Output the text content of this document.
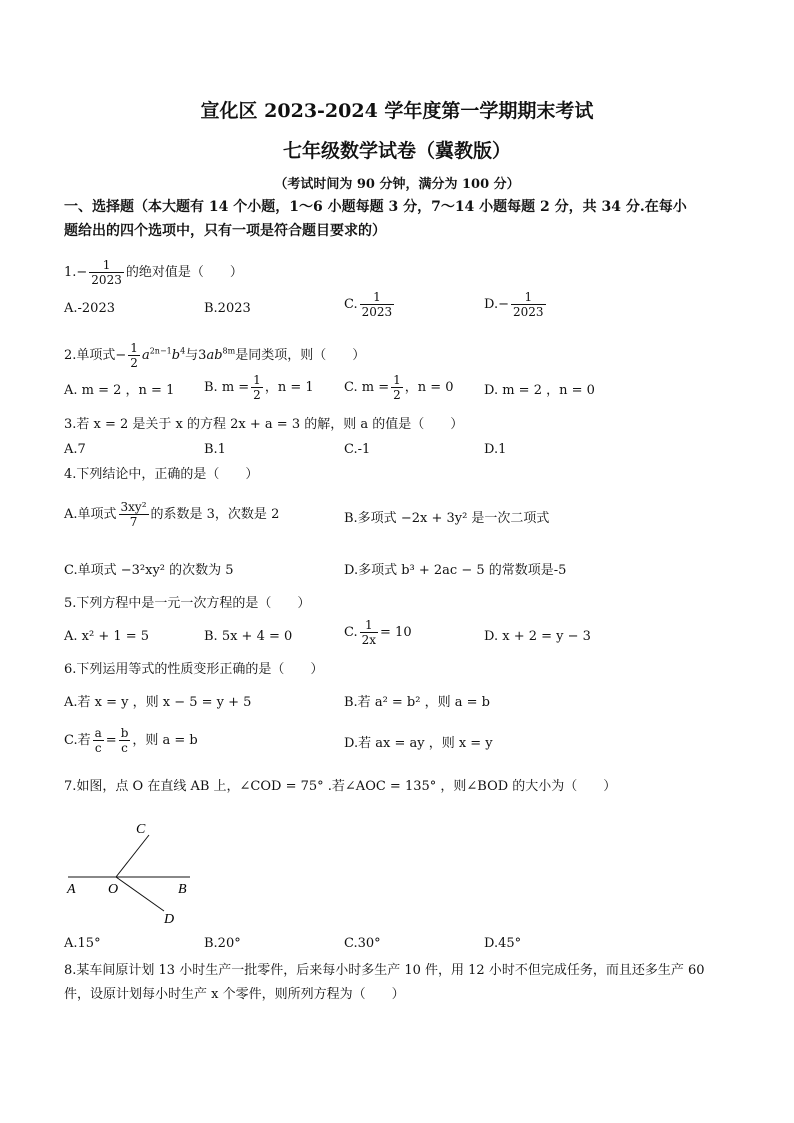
宣化区 2023-2024 学年度第一学期期末考试
七年级数学试卷（冀教版）
（考试时间为 90 分钟，满分为 100 分）
一、选择题（本大题有 14 个小题，1～6 小题每题 3 分，7～14 小题每题 2 分，共 34 分.在每小
题给出的四个选项中，只有一项是符合题目要求的）
$1.- \frac{1}{2023}$ 的绝对值是（　　）
A.-2023	B.2023	C. $\frac{1}{2023}$	$D.- \frac{1}{2023}$
2.单项式− $\frac{1}{2} a^{2n-1}b^4$与$3ab^{8m}$是同类项，则（　　）
A. m = 2 ，n = 1 B. $m = \frac{1}{2}$ ，n = 1 C. $m = \frac{1}{2}$ ，n = 0 D. m = 2 ，n = 0
3.若 x = 2 是关于 x 的方程 2x + a = 3 的解，则 a 的值是（　　）
A.7	B.1	C.-1	D.1
4.下列结论中，正确的是（　　）
A.单项式 $\frac{\text{3xy²}}{7}$ 的系数是 3，次数是 2	B.多项式 −2x + 3y² 是一次二项式
C.单项式 −3²xy² 的次数为 5	D.多项式 b³ + 2ac − 5 的常数项是-5
5.下列方程中是一元一次方程的是（　　）
A. x² + 1 = 5	B. 5x + 4 = 0	C. $\frac{1}{2x} = 10$	D. x + 2 = y − 3
6.下列运用等式的性质变形正确的是（　　）
A.若 x = y ，则 x − 5 = y + 5	B.若 a² = b² ，则 a = b
C.若 $\frac{a}{c} = \frac{b}{c}$ ，则 a = b	D.若 ax = ay ，则 x = y
7.如图，点 O 在直线 AB 上，∠COD = 75° .若∠AOC = 135° ，则∠BOD 的大小为（　　）
A O	B
C
D
A.15°	B.20°	C.30°	D.45°
8.某车间原计划 13 小时生产一批零件，后来每小时多生产 10 件，用 12 小时不但完成任务，而且还多生产 60
件，设原计划每小时生产 x 个零件，则所列方程为（　　）
